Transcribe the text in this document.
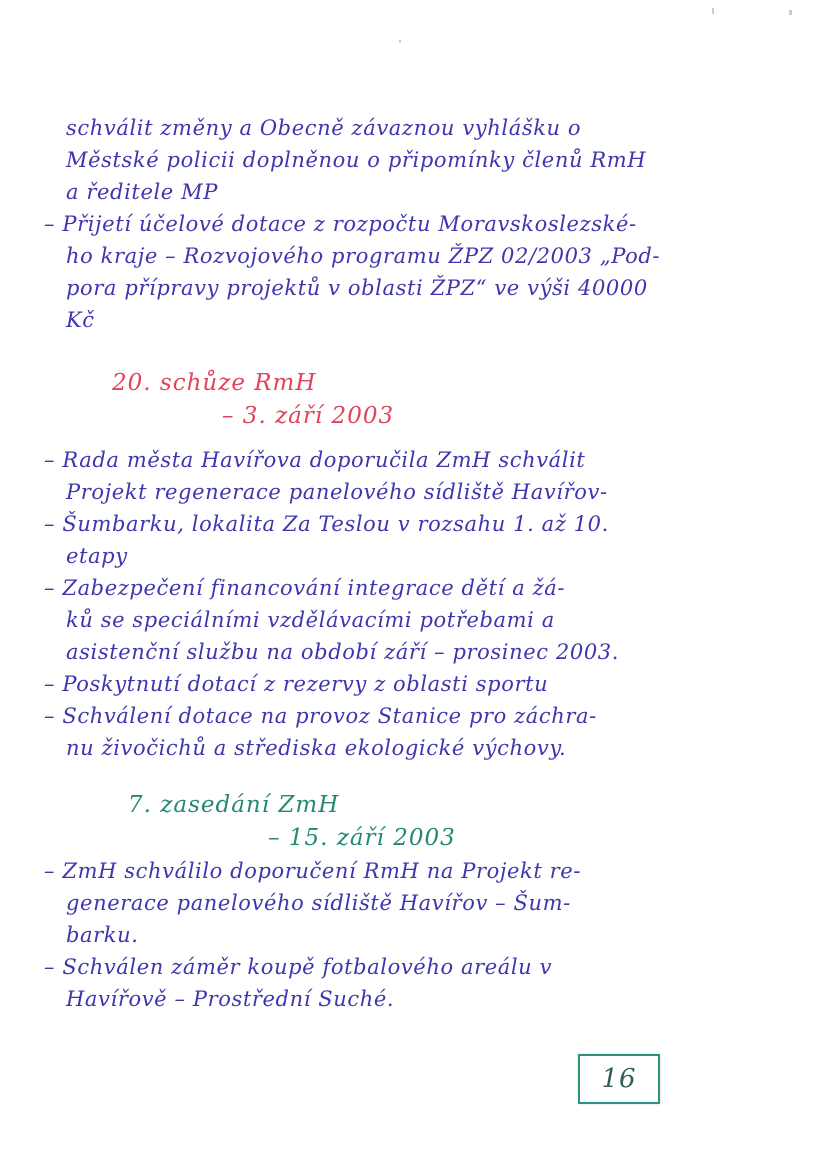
schválit změny a Obecně závaznou vyhlášku o
Městské policii doplněnou o připomínky členů RmH
a ředitele MP
– Přijetí účelové dotace z rozpočtu Moravskoslezské-
ho kraje – Rozvojového programu ŽPZ 02/2003 „Pod-
pora přípravy projektů v oblasti ŽPZ“ ve výši 40000
Kč
20. schůze RmH
– 3. září 2003
– Rada města Havířova doporučila ZmH schválit
Projekt regenerace panelového sídliště Havířov-
– Šumbarku, lokalita Za Teslou v rozsahu 1. až 10.
etapy
– Zabezpečení financování integrace dětí a žá-
ků se speciálními vzdělávacími potřebami a
asistenční službu na období září – prosinec 2003.
– Poskytnutí dotací z rezervy z oblasti sportu
– Schválení dotace na provoz Stanice pro záchra-
nu živočichů a střediska ekologické výchovy.
7. zasedání ZmH
– 15. září 2003
– ZmH schválilo doporučení RmH na Projekt re-
generace panelového sídliště Havířov – Šum-
barku.
– Schválen záměr koupě fotbalového areálu v
Havířově – Prostřední Suché.
16
